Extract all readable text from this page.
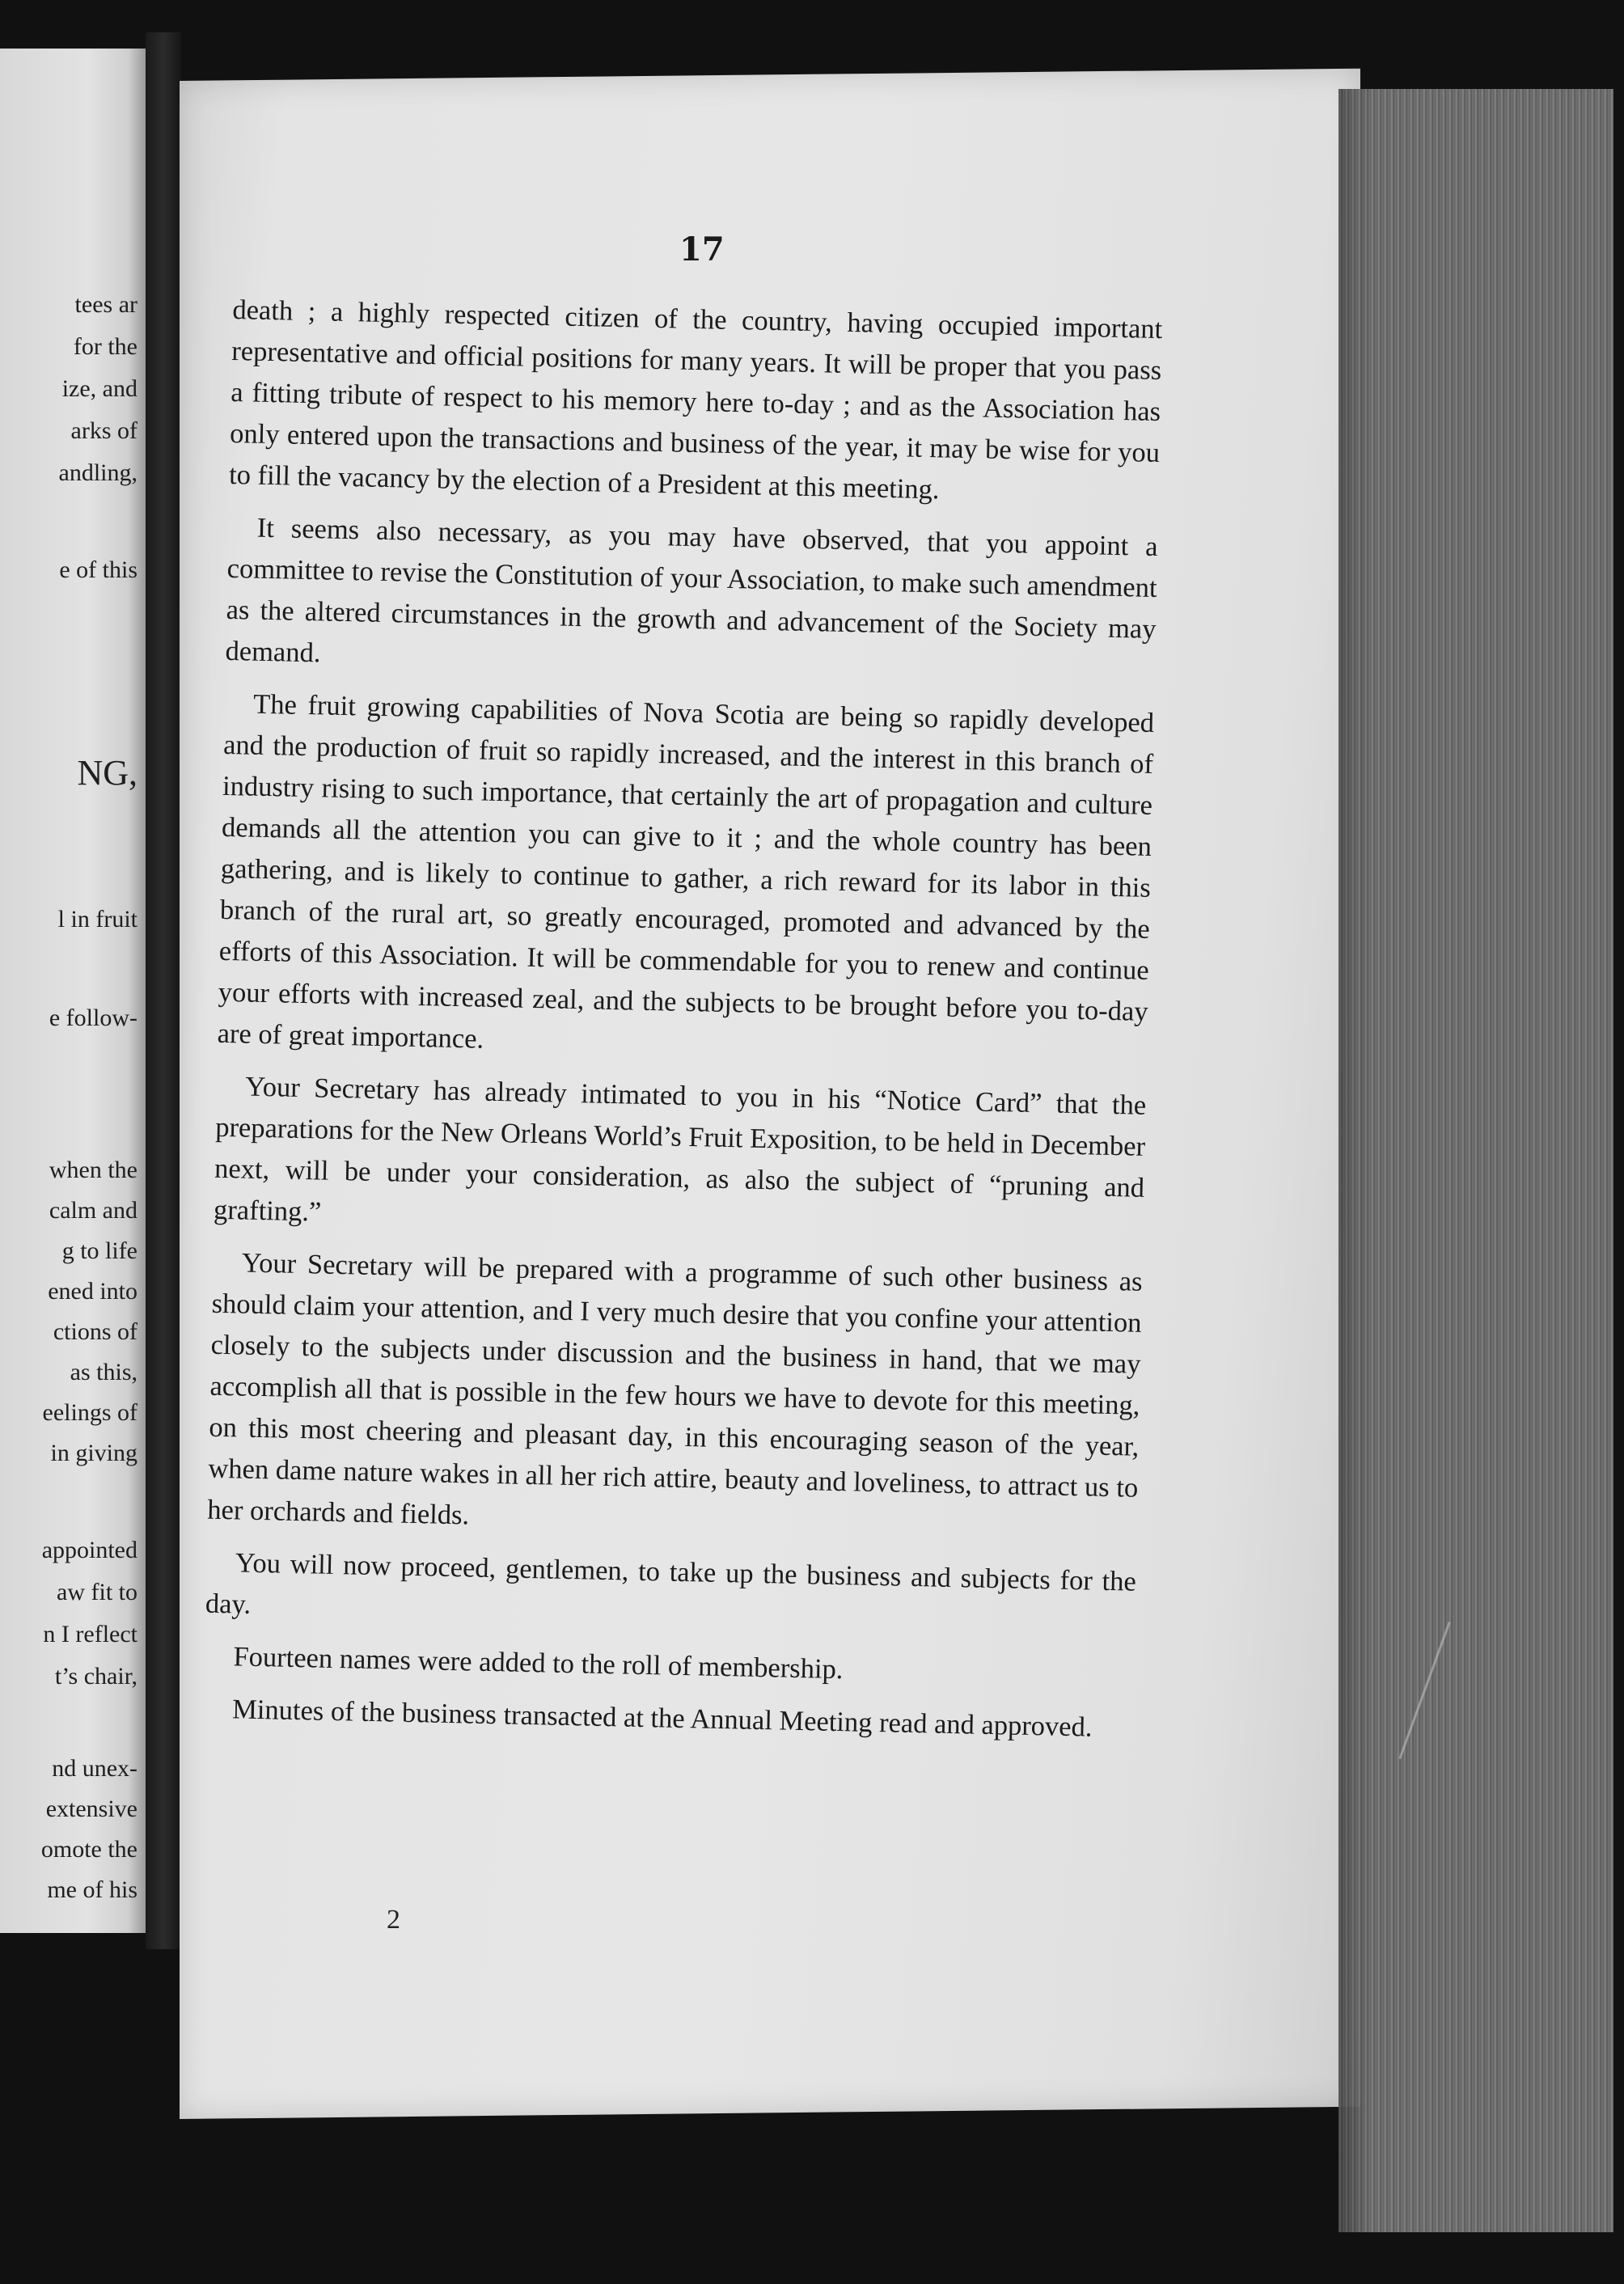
tees ar
for the
ize, and
arks of
andling,
e of this
NG,
l in fruit
e follow-
when the
calm and
g to life
ened into
ctions of
as this,
eelings of
in giving
appointed
aw fit to
n I reflect
t’s chair,
nd unex-
extensive
omote the
me of his
17

death ; a highly respected citizen of the country, having occupied important representative and official positions for many years. It will be proper that you pass a fitting tribute of respect to his memory here to-day ; and as the Association has only entered upon the transactions and business of the year, it may be wise for you to fill the vacancy by the election of a President at this meeting.

It seems also necessary, as you may have observed, that you appoint a committee to revise the Constitution of your Association, to make such amendment as the altered circumstances in the growth and advancement of the Society may demand.

The fruit growing capabilities of Nova Scotia are being so rapidly developed and the production of fruit so rapidly increased, and the interest in this branch of industry rising to such importance, that certainly the art of propagation and culture demands all the attention you can give to it ; and the whole country has been gathering, and is likely to continue to gather, a rich reward for its labor in this branch of the rural art, so greatly encouraged, promoted and advanced by the efforts of this Association. It will be commendable for you to renew and continue your efforts with increased zeal, and the subjects to be brought before you to-day are of great importance.

Your Secretary has already intimated to you in his “Notice Card” that the preparations for the New Orleans World’s Fruit Exposition, to be held in December next, will be under your consideration, as also the subject of “pruning and grafting.”

Your Secretary will be prepared with a programme of such other business as should claim your attention, and I very much desire that you confine your attention closely to the subjects under discussion and the business in hand, that we may accomplish all that is possible in the few hours we have to devote for this meeting, on this most cheering and pleasant day, in this encouraging season of the year, when dame nature wakes in all her rich attire, beauty and loveliness, to attract us to her orchards and fields.

You will now proceed, gentlemen, to take up the business and subjects for the day.

Fourteen names were added to the roll of membership.

Minutes of the business transacted at the Annual Meeting read and approved.

2
